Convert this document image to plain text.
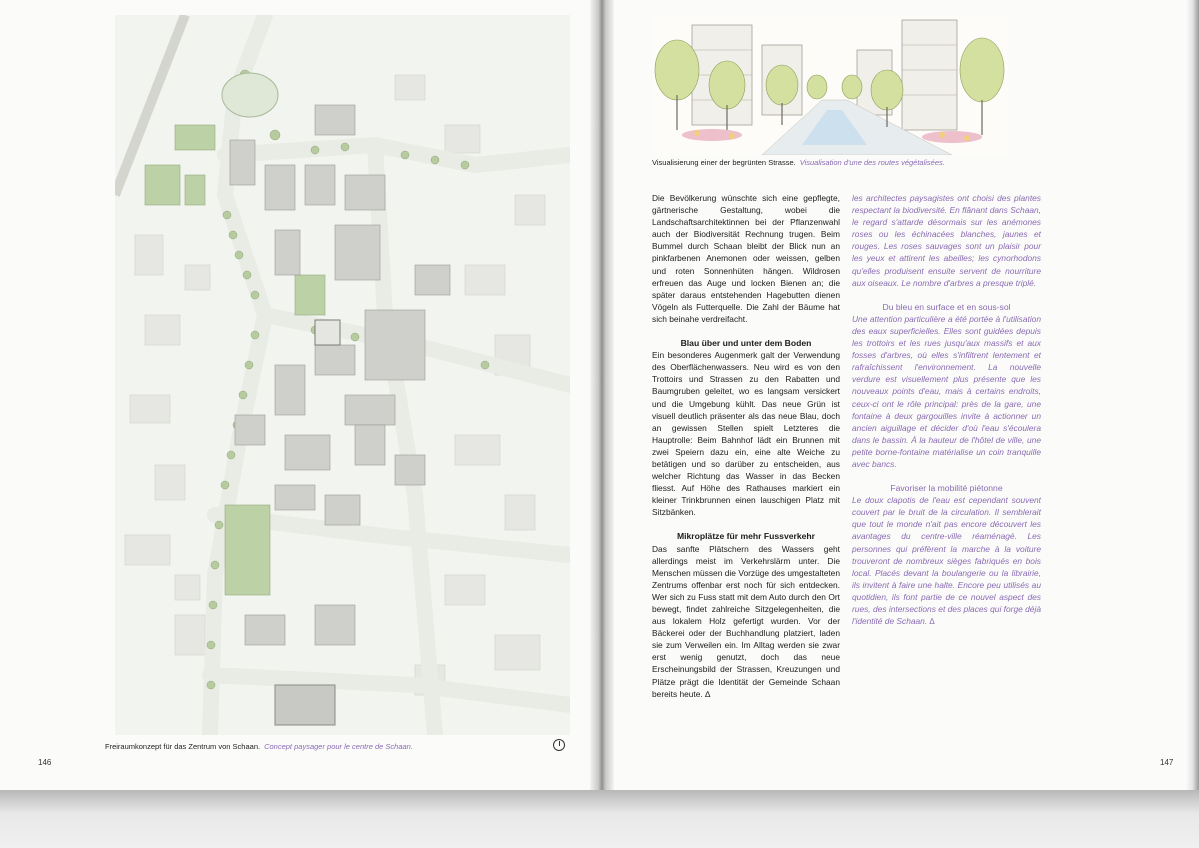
Freiraumkonzept für das Zentrum von Schaan. Concept paysager pour le centre de Schaan.
146
Visualisierung einer der begrünten Strasse. Visualisation d'une des routes végétalisées.

Die Bevölkerung wünschte sich eine gepflegte, gärtnerische Gestaltung, wobei die Landschaftsarchitektinnen bei der Pflanzenwahl auch der Biodiversität Rechnung trugen. Beim Bummel durch Schaan bleibt der Blick nun an pinkfarbenen Anemonen oder weissen, gelben und roten Sonnenhüten hängen. Wildrosen erfreuen das Auge und locken Bienen an; die später daraus entstehenden Hagebutten dienen Vögeln als Futterquelle. Die Zahl der Bäume hat sich beinahe verdreifacht.

Blau über und unter dem Boden

Ein besonderes Augenmerk galt der Verwendung des Oberflächenwassers. Neu wird es von den Trottoirs und Strassen zu den Rabatten und Baumgruben geleitet, wo es langsam versickert und die Umgebung kühlt. Das neue Grün ist visuell deutlich präsenter als das neue Blau, doch an gewissen Stellen spielt Letzteres die Hauptrolle: Beim Bahnhof lädt ein Brunnen mit zwei Speiern dazu ein, eine alte Weiche zu betätigen und so darüber zu entscheiden, aus welcher Richtung das Wasser in das Becken fliesst. Auf Höhe des Rathauses markiert ein kleiner Trinkbrunnen einen lauschigen Platz mit Sitzbänken.

Mikroplätze für mehr Fussverkehr

Das sanfte Plätschern des Wassers geht allerdings meist im Verkehrslärm unter. Die Menschen müssen die Vorzüge des umgestalteten Zentrums offenbar erst noch für sich entdecken. Wer sich zu Fuss statt mit dem Auto durch den Ort bewegt, findet zahlreiche Sitzgelegenheiten, die aus lokalem Holz gefertigt wurden. Vor der Bäckerei oder der Buchhandlung platziert, laden sie zum Verweilen ein. Im Alltag werden sie zwar erst wenig genutzt, doch das neue Erscheinungsbild der Strassen, Kreuzungen und Plätze prägt die Identität der Gemeinde Schaan bereits heute. ∆

les architectes paysagistes ont choisi des plantes respectant la biodiversité. En flânant dans Schaan, le regard s'attarde désormais sur les anémones roses ou les échinacées blanches, jaunes et rouges. Les roses sauvages sont un plaisir pour les yeux et attirent les abeilles; les cynorhodons qu'elles produisent ensuite servent de nourriture aux oiseaux. Le nombre d'arbres a presque triplé.

Du bleu en surface et en sous-sol

Une attention particulière a été portée à l'utilisation des eaux superficielles. Elles sont guidées depuis les trottoirs et les rues jusqu'aux massifs et aux fosses d'arbres, où elles s'infiltrent lentement et rafraîchissent l'environnement. La nouvelle verdure est visuellement plus présente que les nouveaux points d'eau, mais à certains endroits, ceux-ci ont le rôle principal: près de la gare, une fontaine à deux gargouilles invite à actionner un ancien aiguillage et décider d'où l'eau s'écoulera dans le bassin. À la hauteur de l'hôtel de ville, une petite borne-fontaine matérialise un coin tranquille avec bancs.

Favoriser la mobilité piétonne

Le doux clapotis de l'eau est cependant souvent couvert par le bruit de la circulation. Il semblerait que tout le monde n'ait pas encore découvert les avantages du centre-ville réaménagé. Les personnes qui préfèrent la marche à la voiture trouveront de nombreux sièges fabriqués en bois local. Placés devant la boulangerie ou la librairie, ils invitent à faire une halte. Encore peu utilisés au quotidien, ils font partie de ce nouvel aspect des rues, des intersections et des places qui forge déjà l'identité de Schaan. ∆

147
